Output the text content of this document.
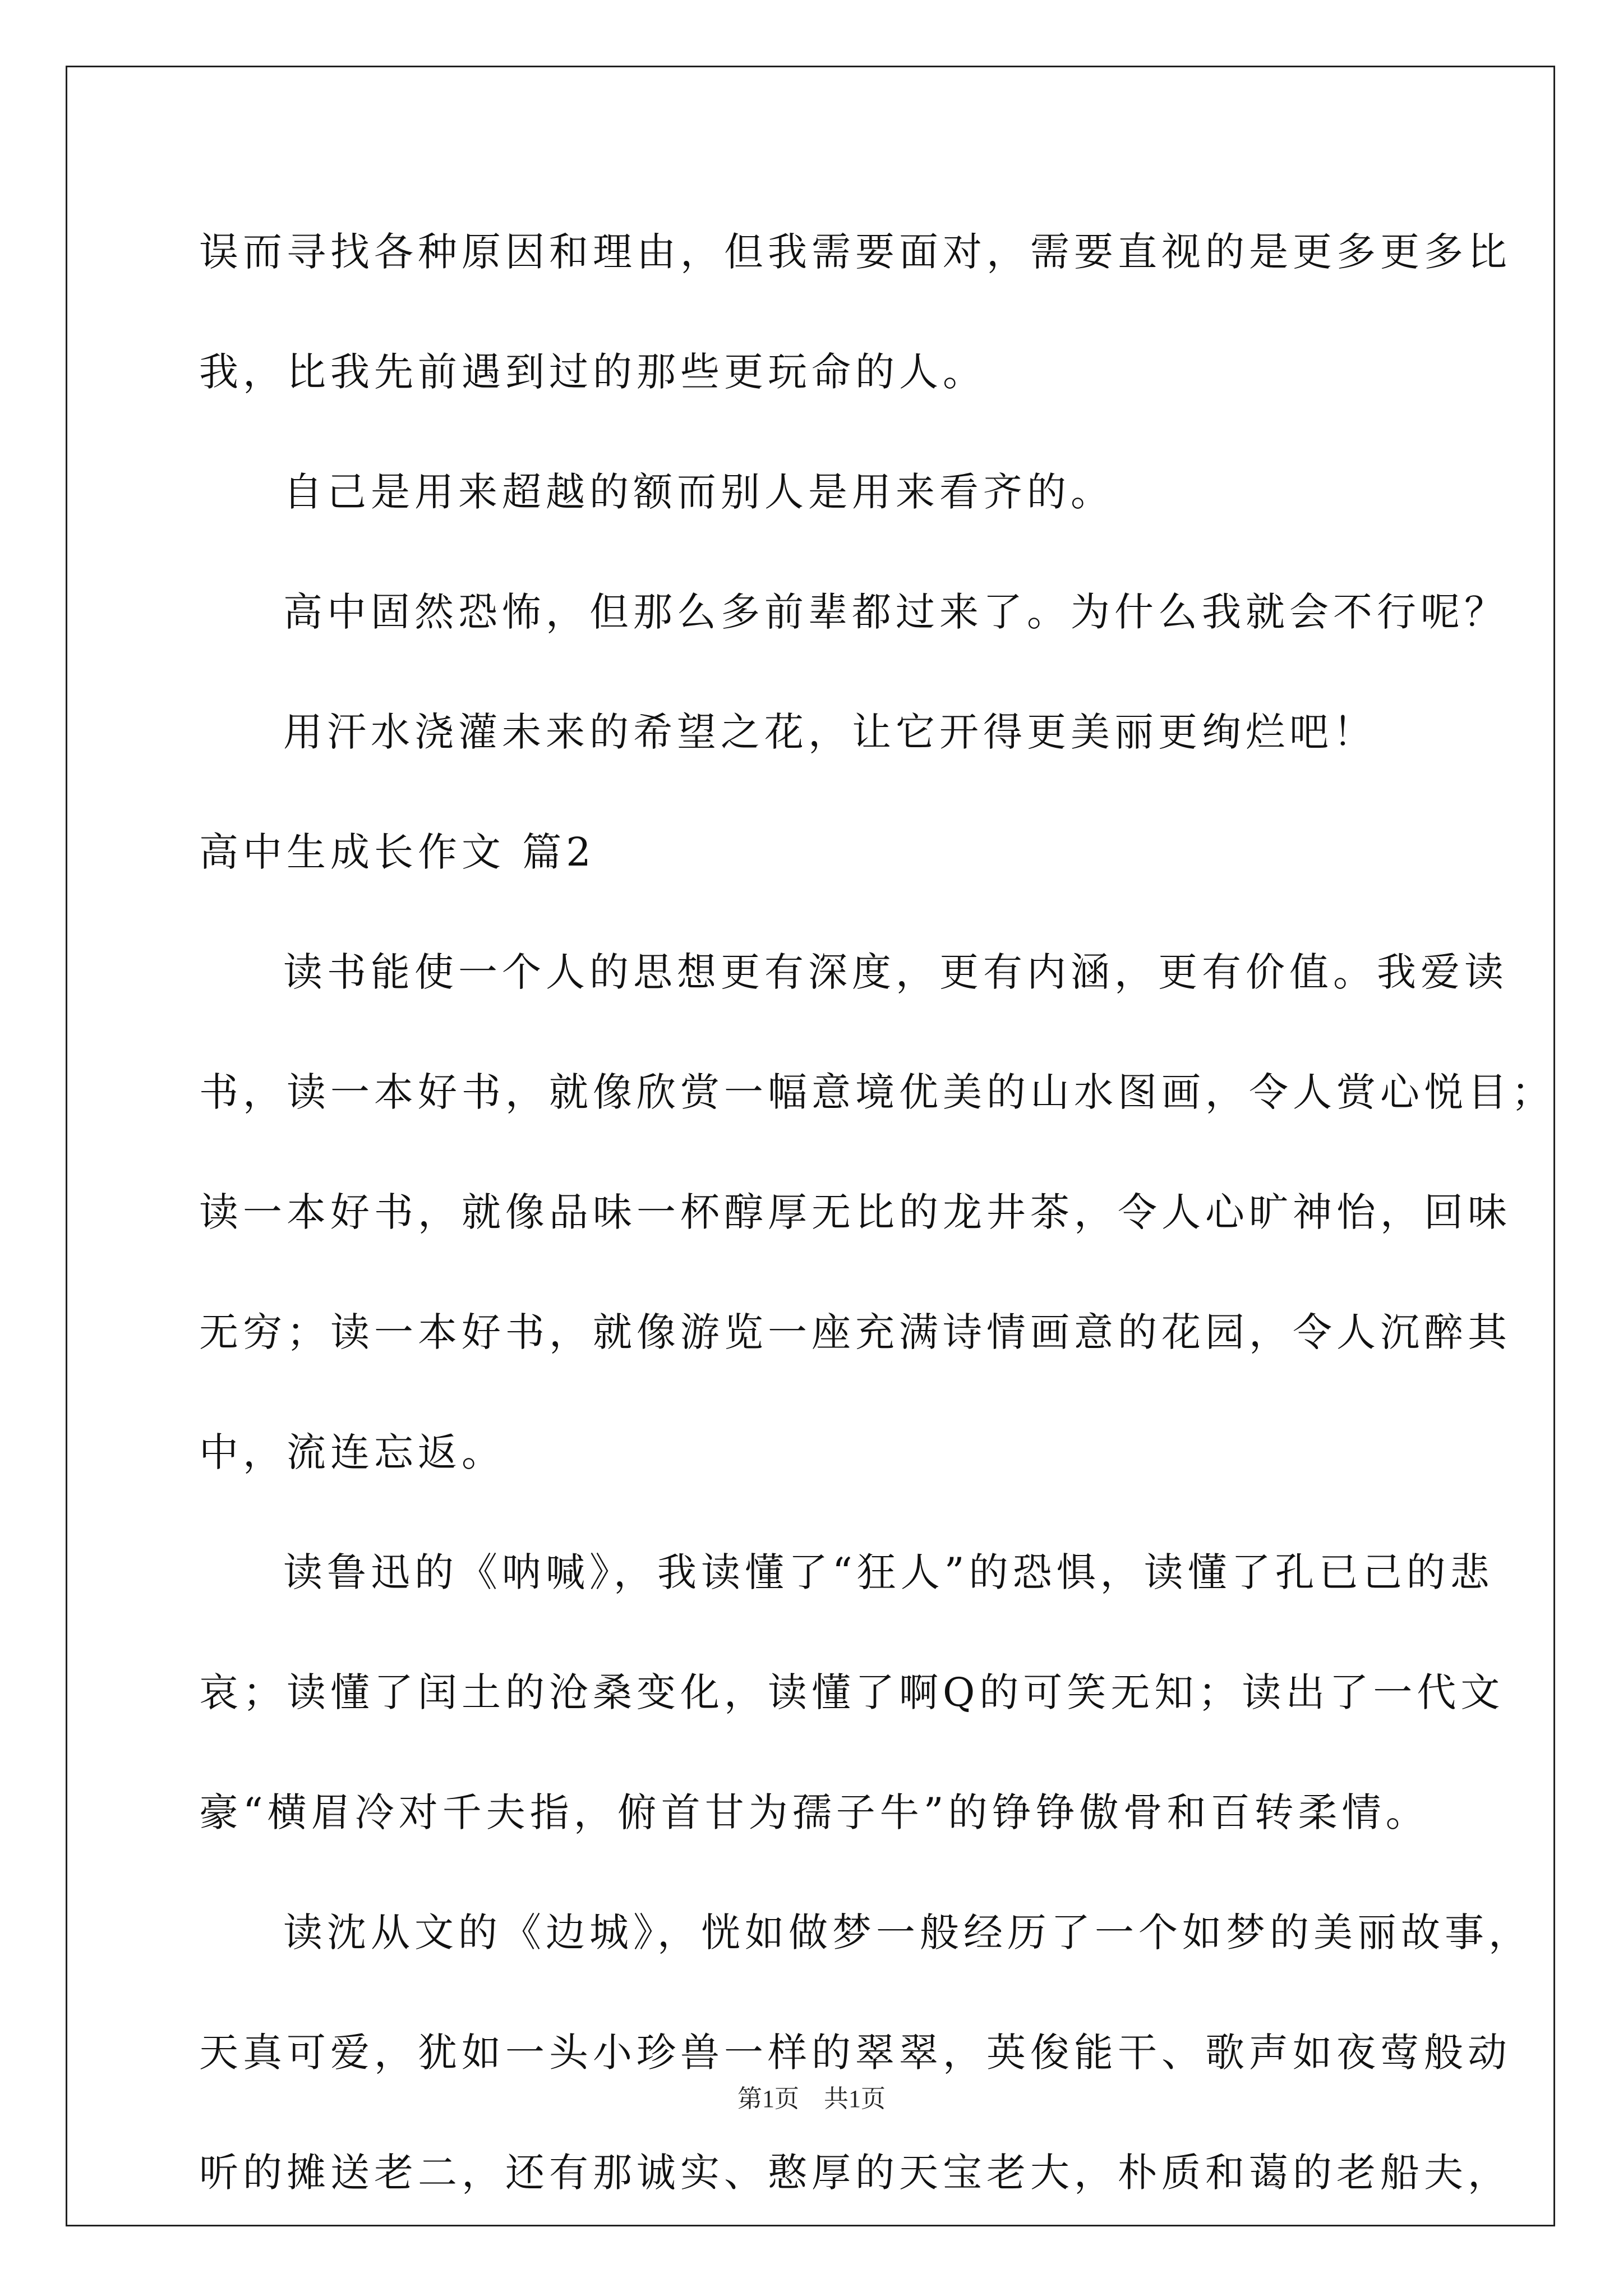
误而寻找各种原因和理由，但我需要面对，需要直视的是更多更多比
我，比我先前遇到过的那些更玩命的人。
自己是用来超越的额而别人是用来看齐的。
高中固然恐怖，但那么多前辈都过来了。为什么我就会不行呢？
用汗水浇灌未来的希望之花，让它开得更美丽更绚烂吧！
高中生成长作文 篇2
读书能使一个人的思想更有深度，更有内涵，更有价值。我爱读
书，读一本好书，就像欣赏一幅意境优美的山水图画，令人赏心悦目；
读一本好书，就像品味一杯醇厚无比的龙井茶，令人心旷神怡，回味
无穷；读一本好书，就像游览一座充满诗情画意的花园，令人沉醉其
中，流连忘返。
读鲁迅的《呐喊》，我读懂了“狂人”的恐惧，读懂了孔已己的悲
哀；读懂了闰土的沧桑变化，读懂了啊Q的可笑无知；读出了一代文
豪“横眉冷对千夫指，俯首甘为孺子牛”的铮铮傲骨和百转柔情。
读沈从文的《边城》，恍如做梦一般经历了一个如梦的美丽故事，
天真可爱，犹如一头小珍兽一样的翠翠，英俊能干、歌声如夜莺般动
听的摊送老二，还有那诚实、憨厚的天宝老大，朴质和蔼的老船夫，
第1页　共1页
